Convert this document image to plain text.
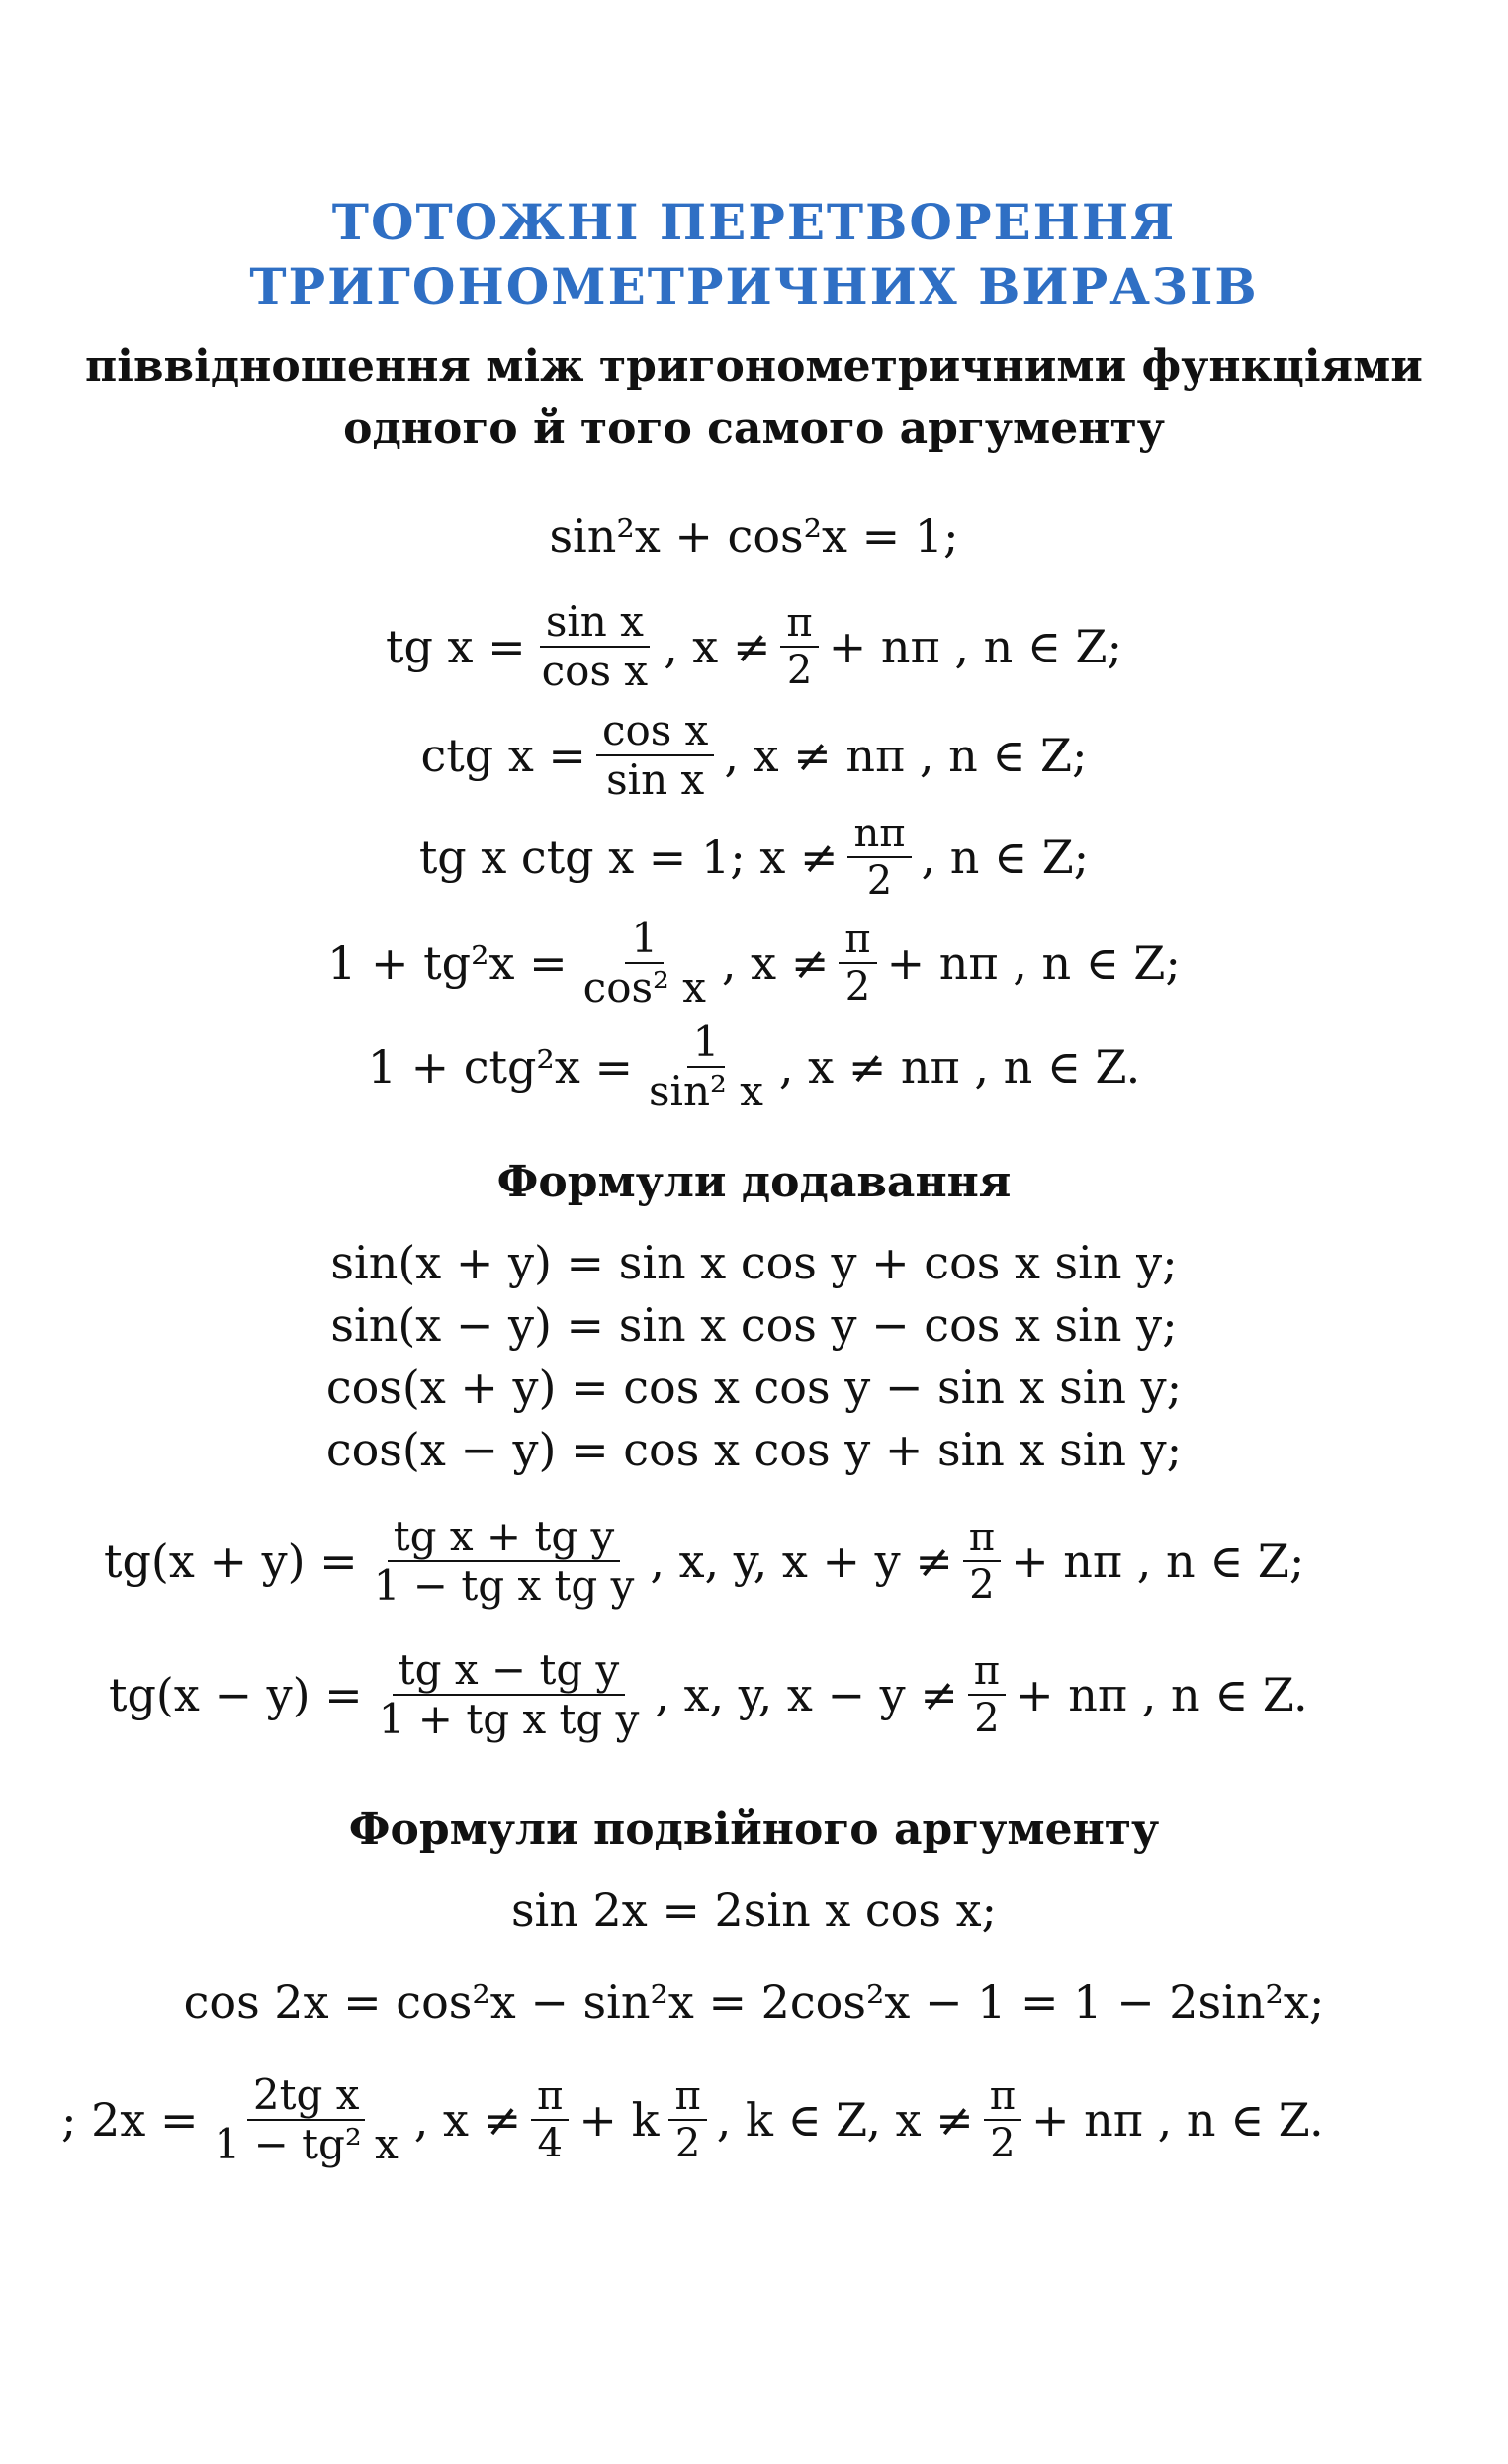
ТОТОЖНІ ПЕРЕТВОРЕННЯ
ТРИГОНОМЕТРИЧНИХ ВИРАЗІВ
піввідношення між тригонометричними функціями
одного й того самого аргументу
sin²x + cos²x = 1;
tg $x = \frac{\text{sin x}}{\text{cos x}}$ , $x \ne \frac{\pi}{2} + n\pi$ , n ∈ Z;
ctg $x = \frac{\text{cos x}}{\text{sin x}}$ , x ≠ nπ , n ∈ Z;
tg x ctg x = 1; $x \ne \frac{n\pi}{2}$ , n ∈ Z;
$1 + tg^2x = \frac{1}{\text{cos² x}}$ , $x \ne \frac{\pi}{2} + n\pi$ , n ∈ Z;
$1 + ctg^2x = \frac{1}{\text{sin² x}}$ , x ≠ nπ , n ∈ Z.
Формули додавання
sin(x + y) = sin x cos y + cos x sin y;
sin(x − y) = sin x cos y − cos x sin y;
cos(x + y) = cos x cos y − sin x sin y;
cos(x − y) = cos x cos y + sin x sin y;
$tg(x + y) = \frac{\text{tg x + tg y}}{\text{1 − tg x tg y}}$ , x, y, $x + y \ne \frac{\pi}{2} + n\pi$ , n ∈ Z;
$tg(x - y) = \frac{\text{tg x − tg y}}{\text{1 + tg x tg y}}$ , x, y, $x - y \ne \frac{\pi}{2} + n\pi$ , n ∈ Z.
Формули подвійного аргументу
sin 2x = 2sin x cos x;
cos 2x = cos²x − sin²x = 2cos²x − 1 = 1 − 2sin²x;
; $2x = \frac{\text{2tg x}}{\text{1 − tg² x}}$ , $x \ne \frac{\pi}{4} + k \frac{\pi}{2}$ , k ∈ Z, $x \ne \frac{\pi}{2} + n\pi$ , n ∈ Z.
